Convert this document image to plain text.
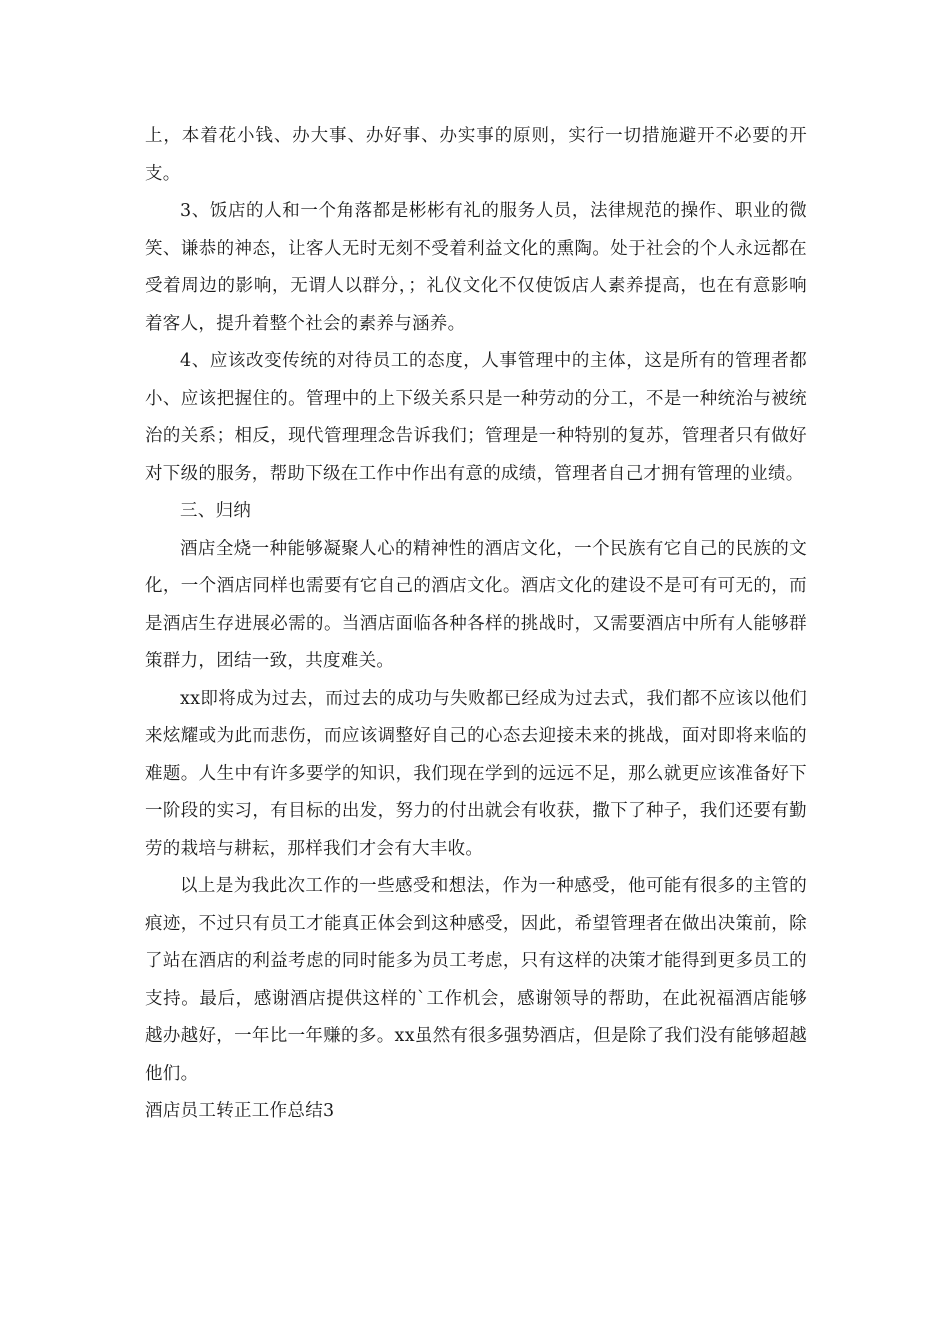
上，本着花小钱、办大事、办好事、办实事的原则，实行一切措施避开不必要的开支。

3、饭店的人和一个角落都是彬彬有礼的服务人员，法律规范的操作、职业的微笑、谦恭的神态，让客人无时无刻不受着利益文化的熏陶。处于社会的个人永远都在受着周边的影响，无谓人以群分，；礼仪文化不仅使饭店人素养提高，也在有意影响着客人，提升着整个社会的素养与涵养。

4、应该改变传统的对待员工的态度，人事管理中的主体，这是所有的管理者都小、应该把握住的。管理中的上下级关系只是一种劳动的分工，不是一种统治与被统治的关系；相反，现代管理理念告诉我们；管理是一种特别的复苏，管理者只有做好对下级的服务，帮助下级在工作中作出有意的成绩，管理者自己才拥有管理的业绩。

三、归纳

酒店全烧一种能够凝聚人心的精神性的酒店文化，一个民族有它自己的民族的文化，一个酒店同样也需要有它自己的酒店文化。酒店文化的建设不是可有可无的，而是酒店生存进展必需的。当酒店面临各种各样的挑战时，又需要酒店中所有人能够群策群力，团结一致，共度难关。

xx即将成为过去，而过去的成功与失败都已经成为过去式，我们都不应该以他们来炫耀或为此而悲伤，而应该调整好自己的心态去迎接未来的挑战，面对即将来临的难题。人生中有许多要学的知识，我们现在学到的远远不足，那么就更应该准备好下一阶段的实习，有目标的出发，努力的付出就会有收获，撒下了种子，我们还要有勤劳的栽培与耕耘，那样我们才会有大丰收。

以上是为我此次工作的一些感受和想法，作为一种感受，他可能有很多的主管的痕迹，不过只有员工才能真正体会到这种感受，因此，希望管理者在做出决策前，除了站在酒店的利益考虑的同时能多为员工考虑，只有这样的决策才能得到更多员工的支持。最后，感谢酒店提供这样的`工作机会，感谢领导的帮助，在此祝福酒店能够越办越好，一年比一年赚的多。xx虽然有很多强势酒店，但是除了我们没有能够超越他们。

酒店员工转正工作总结3
